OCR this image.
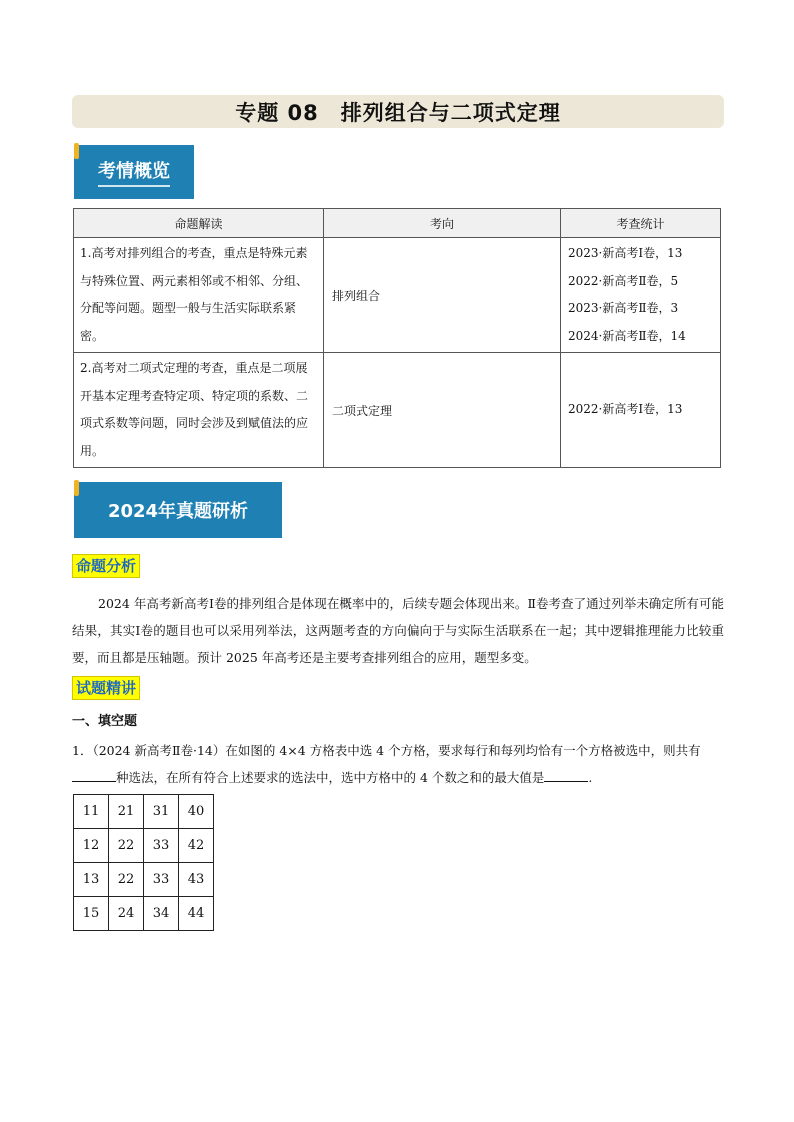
专题 08　排列组合与二项式定理
考情概览
命题解读	考向	考查统计
1.高考对排列组合的考查，重点是特殊元素与特殊位置、两元素相邻或不相邻、分组、分配等问题。题型一般与生活实际联系紧密。	排列组合	2023·新高考Ⅰ卷，13
2022·新高考Ⅱ卷，5
2023·新高考Ⅱ卷，3
2024·新高考Ⅱ卷，14

2.高考对二项式定理的考查，重点是二项展开基本定理考查特定项、特定项的系数、二项式系数等问题，同时会涉及到赋值法的应用。	二项式定理	2022·新高考Ⅰ卷，13
2024年真题研析
命题分析

2024 年高考新高考Ⅰ卷的排列组合是体现在概率中的，后续专题会体现出来。Ⅱ卷考查了通过列举未确定所有可能结果，其实Ⅰ卷的题目也可以采用列举法，这两题考查的方向偏向于与实际生活联系在一起；其中逻辑推理能力比较重要，而且都是压轴题。预计 2025 年高考还是主要考查排列组合的应用，题型多变。

试题精讲
一、填空题

1．（2024 新高考Ⅱ卷·14）在如图的 4×4 方格表中选 4 个方格，要求每行和每列均恰有一个方格被选中，则共有种选法，在所有符合上述要求的选法中，选中方格中的 4 个数之和的最大值是	.

11	21	31	40
12	22	33	42
13	22	33	43
15	24	34	44
